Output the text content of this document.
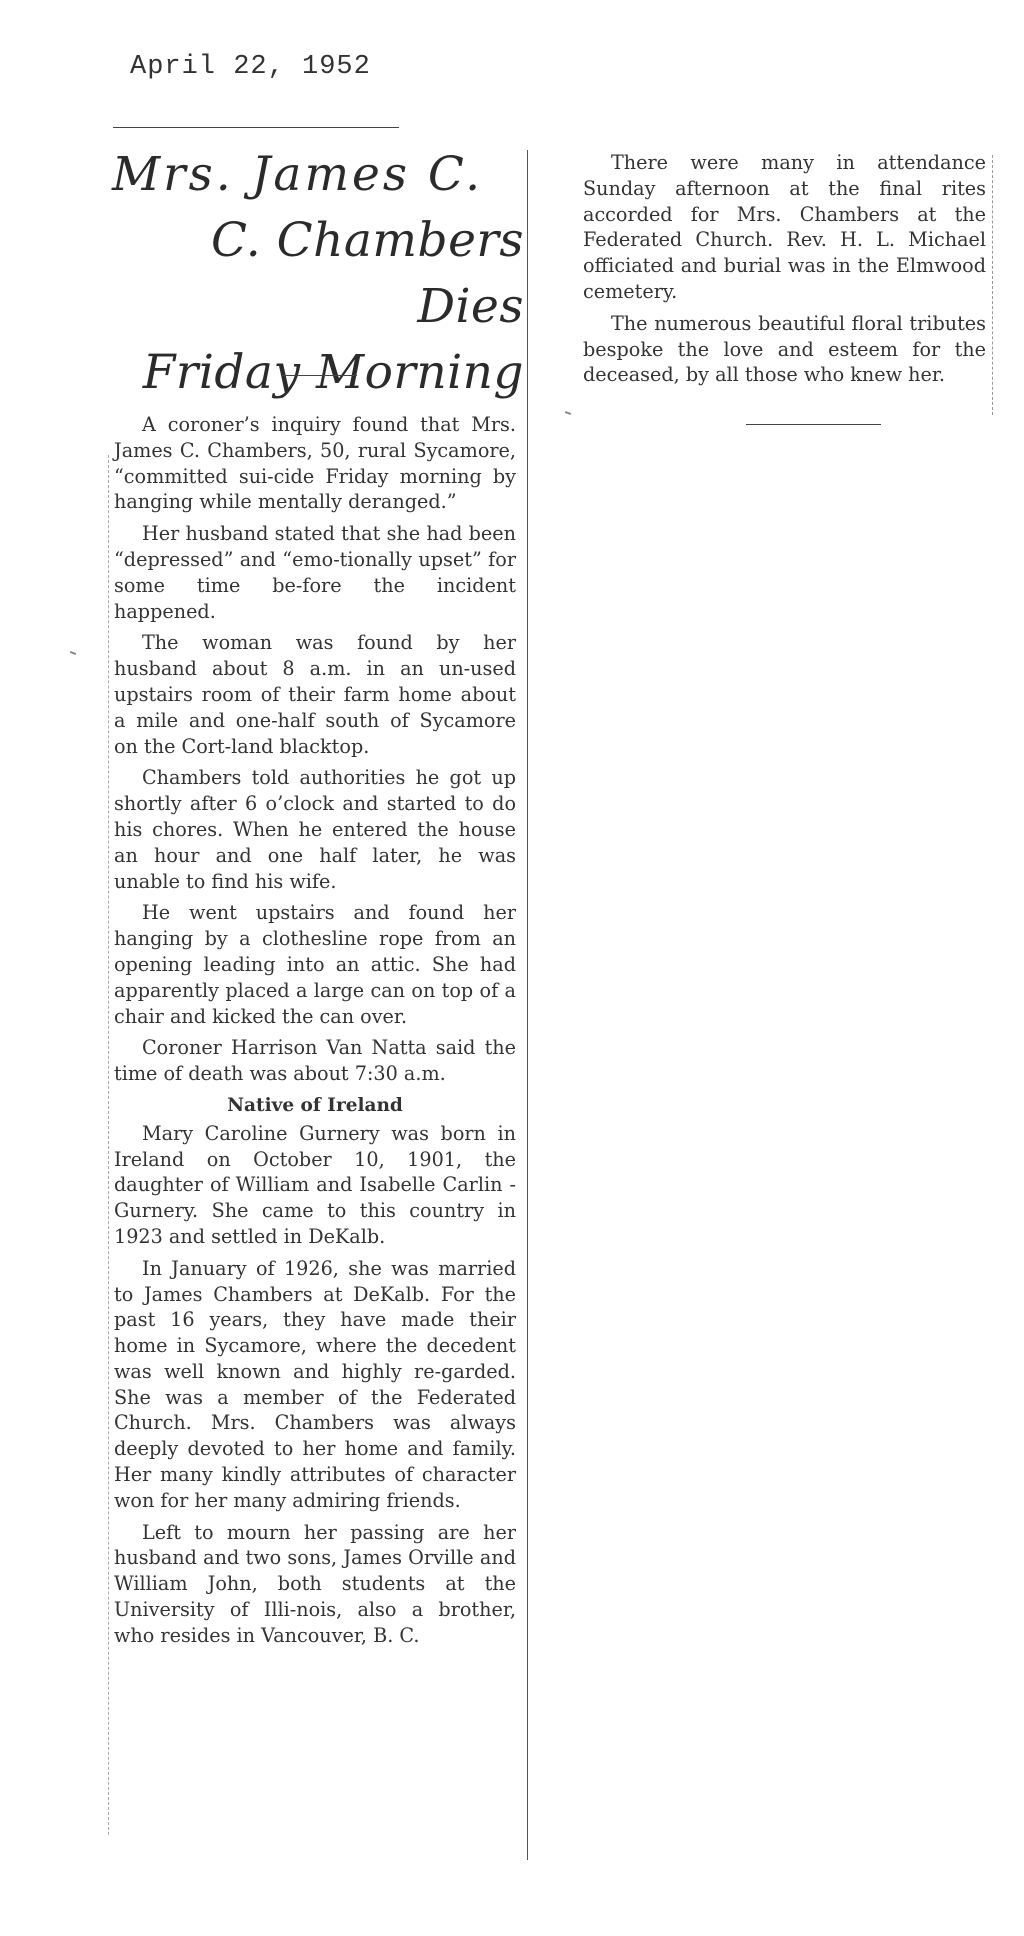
April 22, 1952
Mrs. James C.
C. Chambers Dies
Friday Morning

A coroner’s inquiry found that Mrs. James C. Chambers, 50, rural Sycamore, “committed sui-cide Friday morning by hanging while mentally deranged.”

Her husband stated that she had been “depressed” and “emo-tionally upset” for some time be-fore the incident happened.

The woman was found by her husband about 8 a.m. in an un-used upstairs room of their farm home about a mile and one-half south of Sycamore on the Cort-land blacktop.

Chambers told authorities he got up shortly after 6 o’clock and started to do his chores. When he entered the house an hour and one half later, he was unable to find his wife.

He went upstairs and found her hanging by a clothesline rope from an opening leading into an attic. She had apparently placed a large can on top of a chair and kicked the can over.

Coroner Harrison Van Natta said the time of death was about 7:30 a.m.

Native of Ireland

Mary Caroline Gurnery was born in Ireland on October 10, 1901, the daughter of William and Isabelle Carlin - Gurnery. She came to this country in 1923 and settled in DeKalb.

In January of 1926, she was married to James Chambers at DeKalb. For the past 16 years, they have made their home in Sycamore, where the decedent was well known and highly re-garded. She was a member of the Federated Church. Mrs. Chambers was always deeply devoted to her home and family. Her many kindly attributes of character won for her many admiring friends.

Left to mourn her passing are her husband and two sons, James Orville and William John, both students at the University of Illi-nois, also a brother, who resides in Vancouver, B. C.

There were many in attendance Sunday afternoon at the final rites accorded for Mrs. Chambers at the Federated Church. Rev. H. L. Michael officiated and burial was in the Elmwood cemetery.

The numerous beautiful floral tributes bespoke the love and esteem for the deceased, by all those who knew her.
